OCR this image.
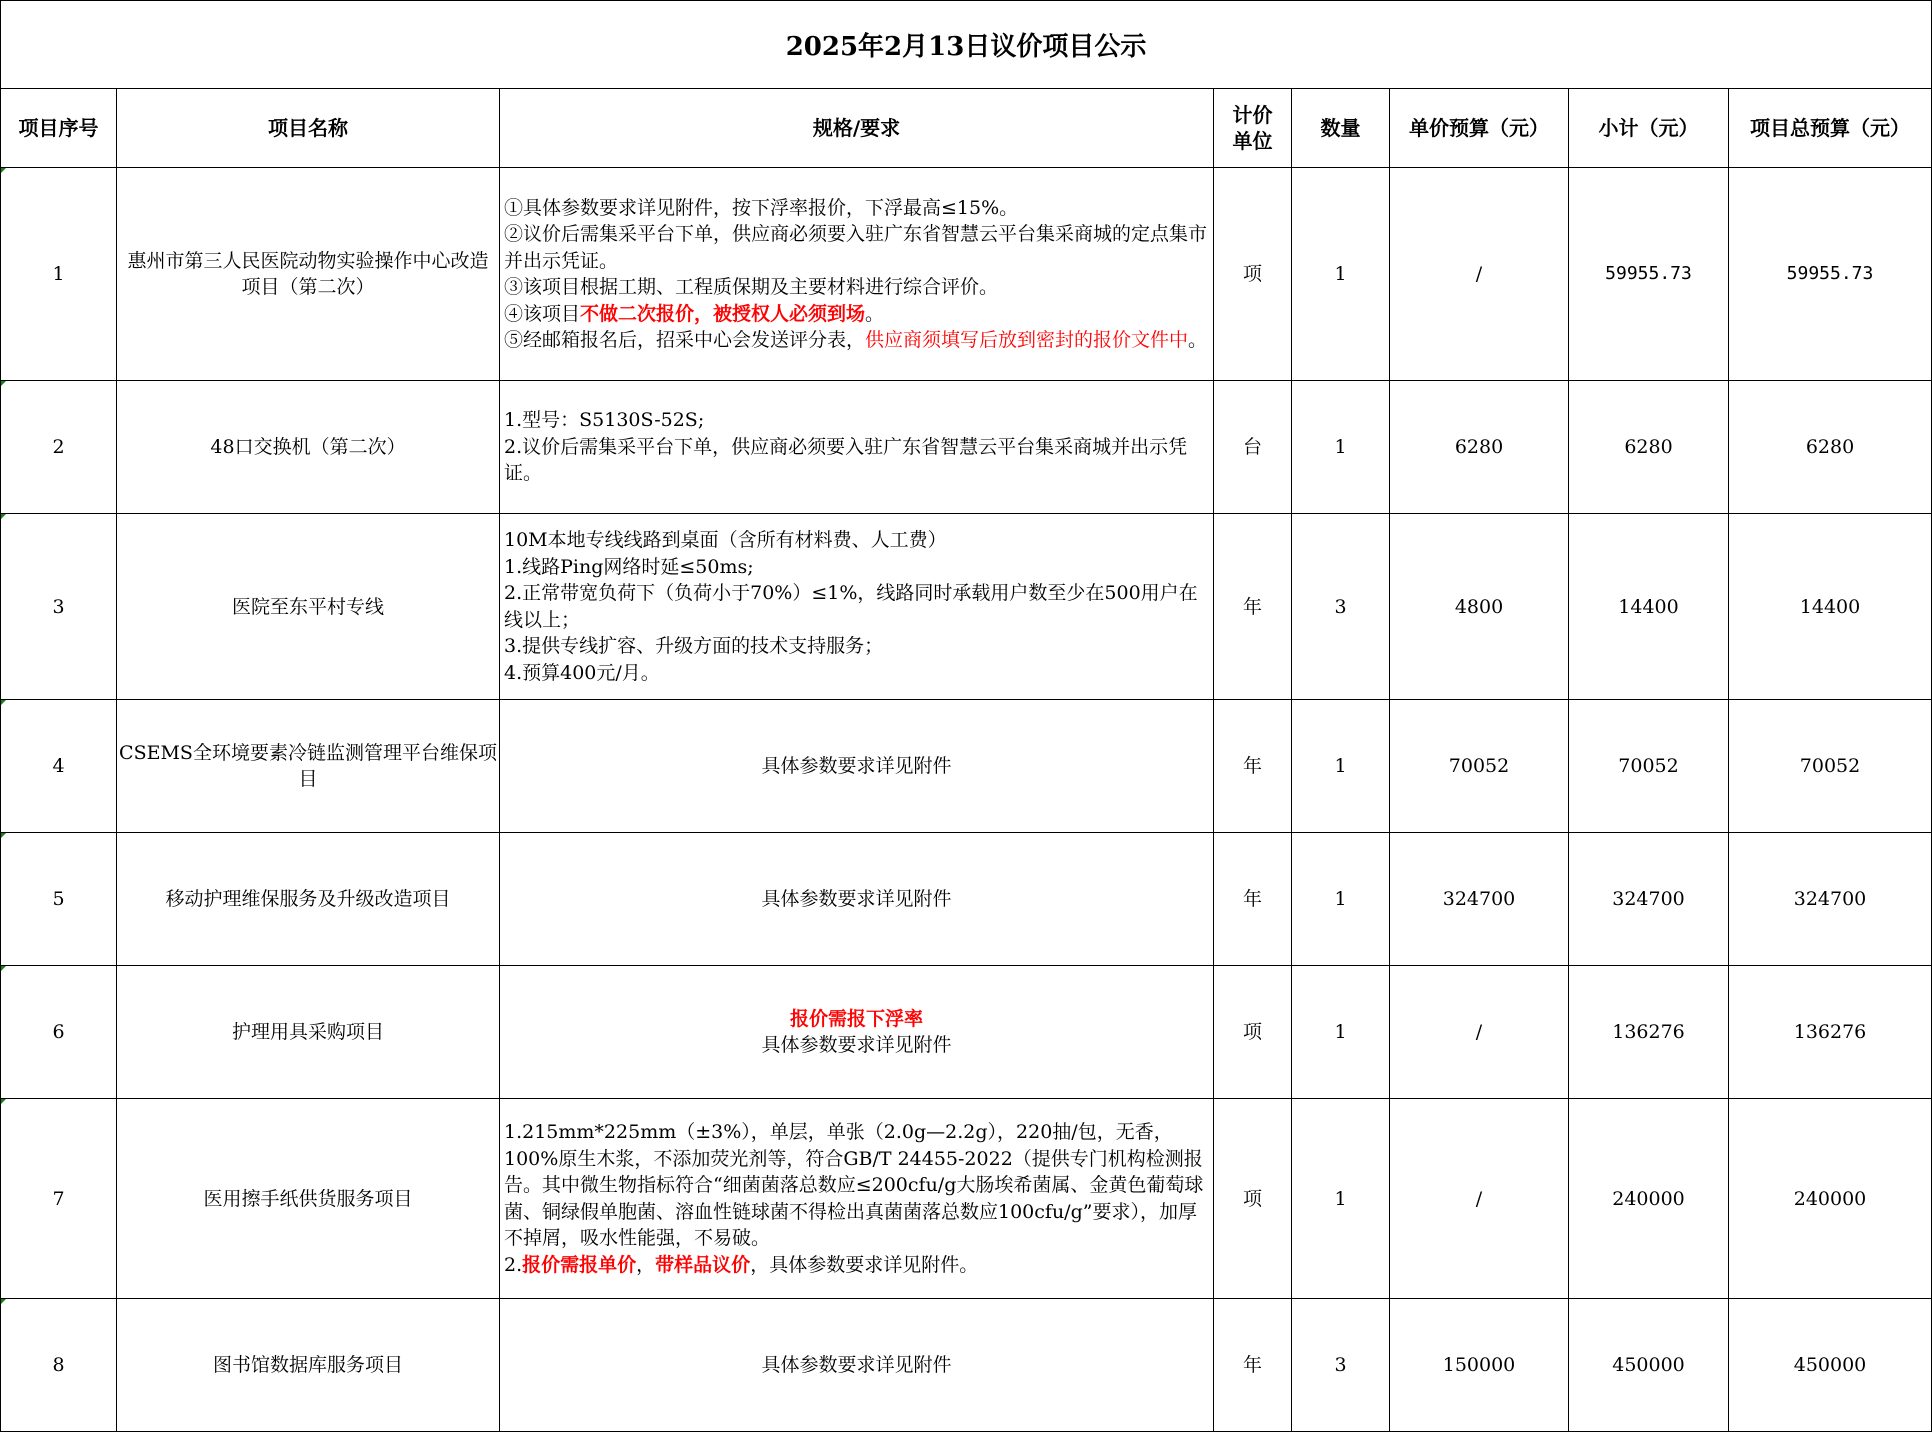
2025年2月13日议价项目公示							
项目序号	项目名称	规格/要求	计价单位	数量	单价预算（元）	小计（元）	项目总预算（元）
1	惠州市第三人民医院动物实验操作中心改造项目（第二次）	①具体参数要求详见附件，按下浮率报价，下浮最高≤15%。
②议价后需集采平台下单，供应商必须要入驻广东省智慧云平台集采商城的定点集市并出示凭证。
③该项目根据工期、工程质保期及主要材料进行综合评价。
④该项目不做二次报价，被授权人必须到场。
⑤经邮箱报名后，招采中心会发送评分表，供应商须填写后放到密封的报价文件中。	项	1	/	59955.73	59955.73
2	48口交换机（第二次）	1.型号：S5130S-52S;
2.议价后需集采平台下单，供应商必须要入驻广东省智慧云平台集采商城并出示凭证。	台	1	6280	6280	6280
3	医院至东平村专线	10M本地专线线路到桌面（含所有材料费、人工费）
1.线路Ping网络时延≤50ms;
2.正常带宽负荷下（负荷小于70%）≤1%，线路同时承载用户数至少在500用户在线以上；
3.提供专线扩容、升级方面的技术支持服务；
4.预算400元/月。	年	3	4800	14400	14400
4	CSEMS全环境要素冷链监测管理平台维保项目	具体参数要求详见附件	年	1	70052	70052	70052
5	移动护理维保服务及升级改造项目	具体参数要求详见附件	年	1	324700	324700	324700
6	护理用具采购项目	报价需报下浮率
具体参数要求详见附件	项	1	/	136276	136276
7	医用擦手纸供货服务项目	1.215mm*225mm（±3%），单层，单张（2.0g—2.2g），220抽/包，无香，100%原生木浆，不添加荧光剂等，符合GB/T 24455-2022（提供专门机构检测报告。其中微生物指标符合“细菌菌落总数应≤200cfu/g大肠埃希菌属、金黄色葡萄球菌、铜绿假单胞菌、溶血性链球菌不得检出真菌菌落总数应100cfu/g”要求），加厚不掉屑，吸水性能强，不易破。
2.报价需报单价，带样品议价，具体参数要求详见附件。	项	1	/	240000	240000
8	图书馆数据库服务项目	具体参数要求详见附件	年	3	150000	450000	450000
